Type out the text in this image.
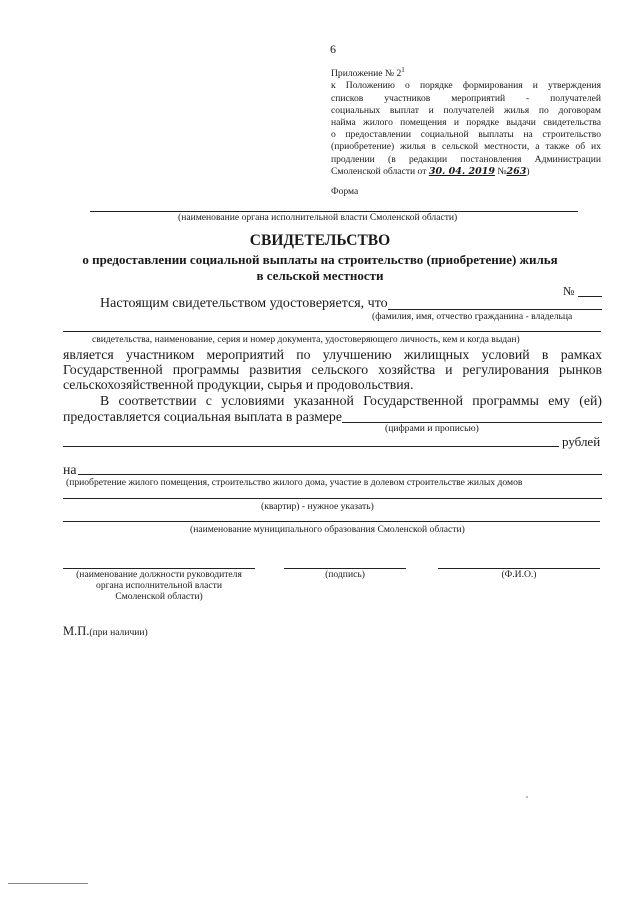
6
Приложение № $2^1$
к Положению о порядке формирования и утверждения
списков участников мероприятий - получателей
социальных выплат и получателей жилья по договорам
найма жилого помещения и порядке выдачи свидетельства
о предоставлении социальной выплаты на строительство
(приобретение) жилья в сельской местности, а также об их
продлении (в редакции постановления Администрации
Смоленской области от 30. 04. 2019 №263)
Форма
(наименование органа исполнительной власти Смоленской области)
СВИДЕТЕЛЬСТВО
о предоставлении социальной выплаты на строительство (приобретение) жилья
в сельской местности
№
Настоящим свидетельством удостоверяется, что
(фамилия, имя, отчество гражданина - владельца
свидетельства, наименование, серия и номер документа, удостоверяющего личность, кем и когда выдан)
является участником мероприятий по улучшению жилищных условий в рамках
Государственной программы развития сельского хозяйства и регулирования рынков
сельскохозяйственной продукции, сырья и продовольствия.
В соответствии с условиями указанной Государственной программы ему (ей)
предоставляется социальная выплата в размере
(цифрами и прописью)
рублей
на
(приобретение жилого помещения, строительство жилого дома, участие в долевом строительстве жилых домов
(квартир) - нужное указать)
(наименование муниципального образования Смоленской области)
(наименование должности руководителя
органа исполнительной власти
Смоленской области)
(подпись)	(Ф.И.О.)
М.П.(при наличии)
